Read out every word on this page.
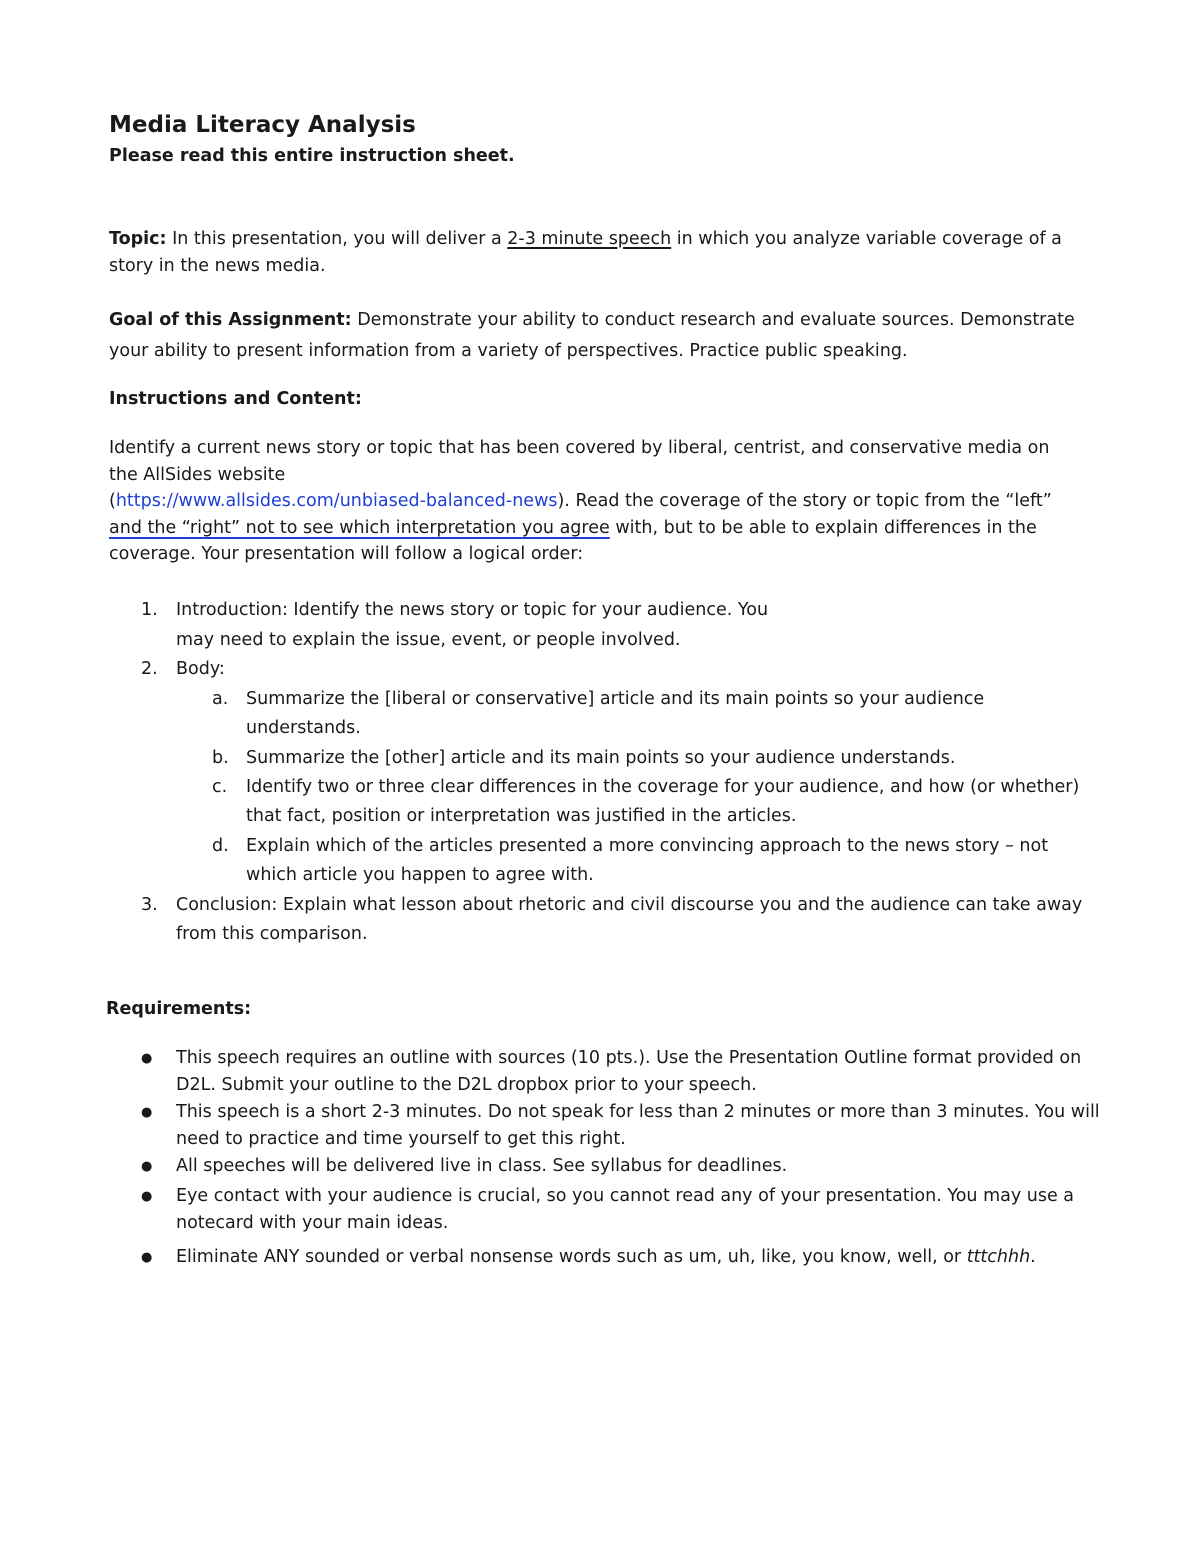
Media Literacy Analysis
Please read this entire instruction sheet.
Topic: In this presentation, you will deliver a 2-3 minute speech in which you analyze variable coverage of a story in the news media.
Goal of this Assignment: Demonstrate your ability to conduct research and evaluate sources. Demonstrate your ability to present information from a variety of perspectives. Practice public speaking.
Instructions and Content:
Identify a current news story or topic that has been covered by liberal, centrist, and conservative media on
the AllSides website
(https://www.allsides.com/unbiased-balanced-news). Read the coverage of the story or topic from the “left”
and the “right” not to see which interpretation you agree with, but to be able to explain differences in the
coverage. Your presentation will follow a logical order:
1. Introduction: Identify the news story or topic for your audience. You
may need to explain the issue, event, or people involved.
2. Body:
a. Summarize the [liberal or conservative] article and its main points so your audience
understands.
b. Summarize the [other] article and its main points so your audience understands.
c. Identify two or three clear differences in the coverage for your audience, and how (or whether)
that fact, position or interpretation was justified in the articles.
d. Explain which of the articles presented a more convincing approach to the news story – not
which article you happen to agree with.
3. Conclusion: Explain what lesson about rhetoric and civil discourse you and the audience can take away
from this comparison.
Requirements:
● This speech requires an outline with sources (10 pts.). Use the Presentation Outline format provided on
D2L. Submit your outline to the D2L dropbox prior to your speech.
● This speech is a short 2-3 minutes. Do not speak for less than 2 minutes or more than 3 minutes. You will
need to practice and time yourself to get this right.
● All speeches will be delivered live in class. See syllabus for deadlines.
● Eye contact with your audience is crucial, so you cannot read any of your presentation. You may use a
notecard with your main ideas.
● Eliminate ANY sounded or verbal nonsense words such as um, uh, like, you know, well, or tttchhh.
